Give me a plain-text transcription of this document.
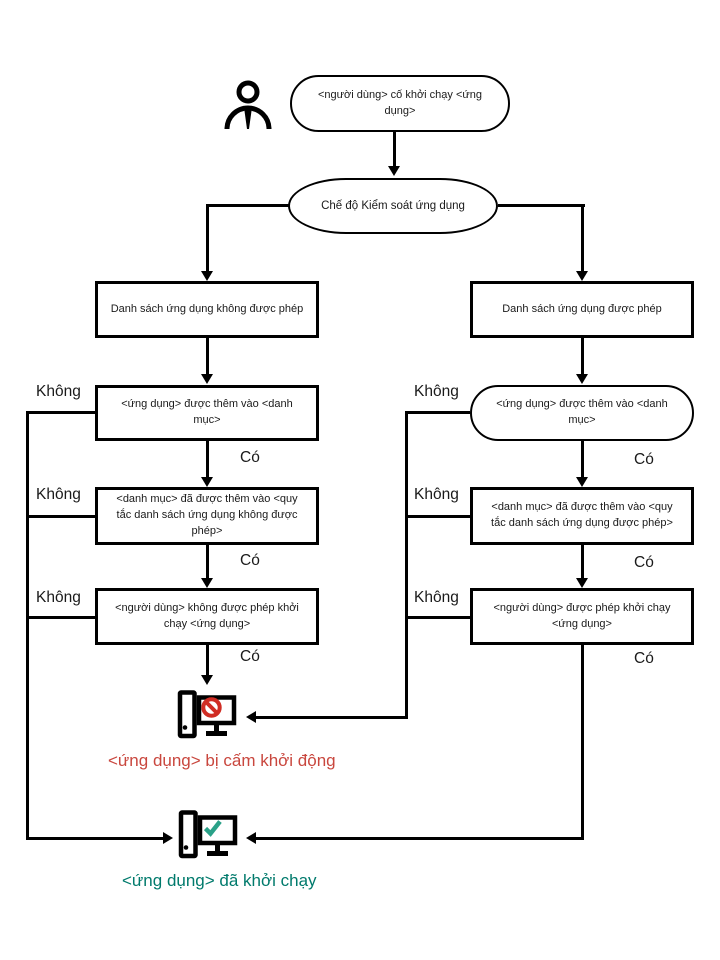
<người dùng> cố khởi chạy <ứng dụng>
Chế độ Kiểm soát ứng dụng
Danh sách ứng dụng không được phép	Danh sách ứng dụng được phép
<ứng dụng> được thêm vào <danh mục>
<ứng dụng> được thêm vào <danh mục>
<danh mục> đã được thêm vào <quy tắc danh sách ứng dụng không được phép>
<danh mục> đã được thêm vào <quy tắc danh sách ứng dụng được phép>
<người dùng> không được phép khởi chạy <ứng dụng>
<người dùng> được phép khởi chạy <ứng dụng>
Không
Không
Không
Không
Không
Không
Có
Có
Có
Có
Có
Có
<ứng dụng> bị cấm khởi động
<ứng dụng> đã khởi chạy
